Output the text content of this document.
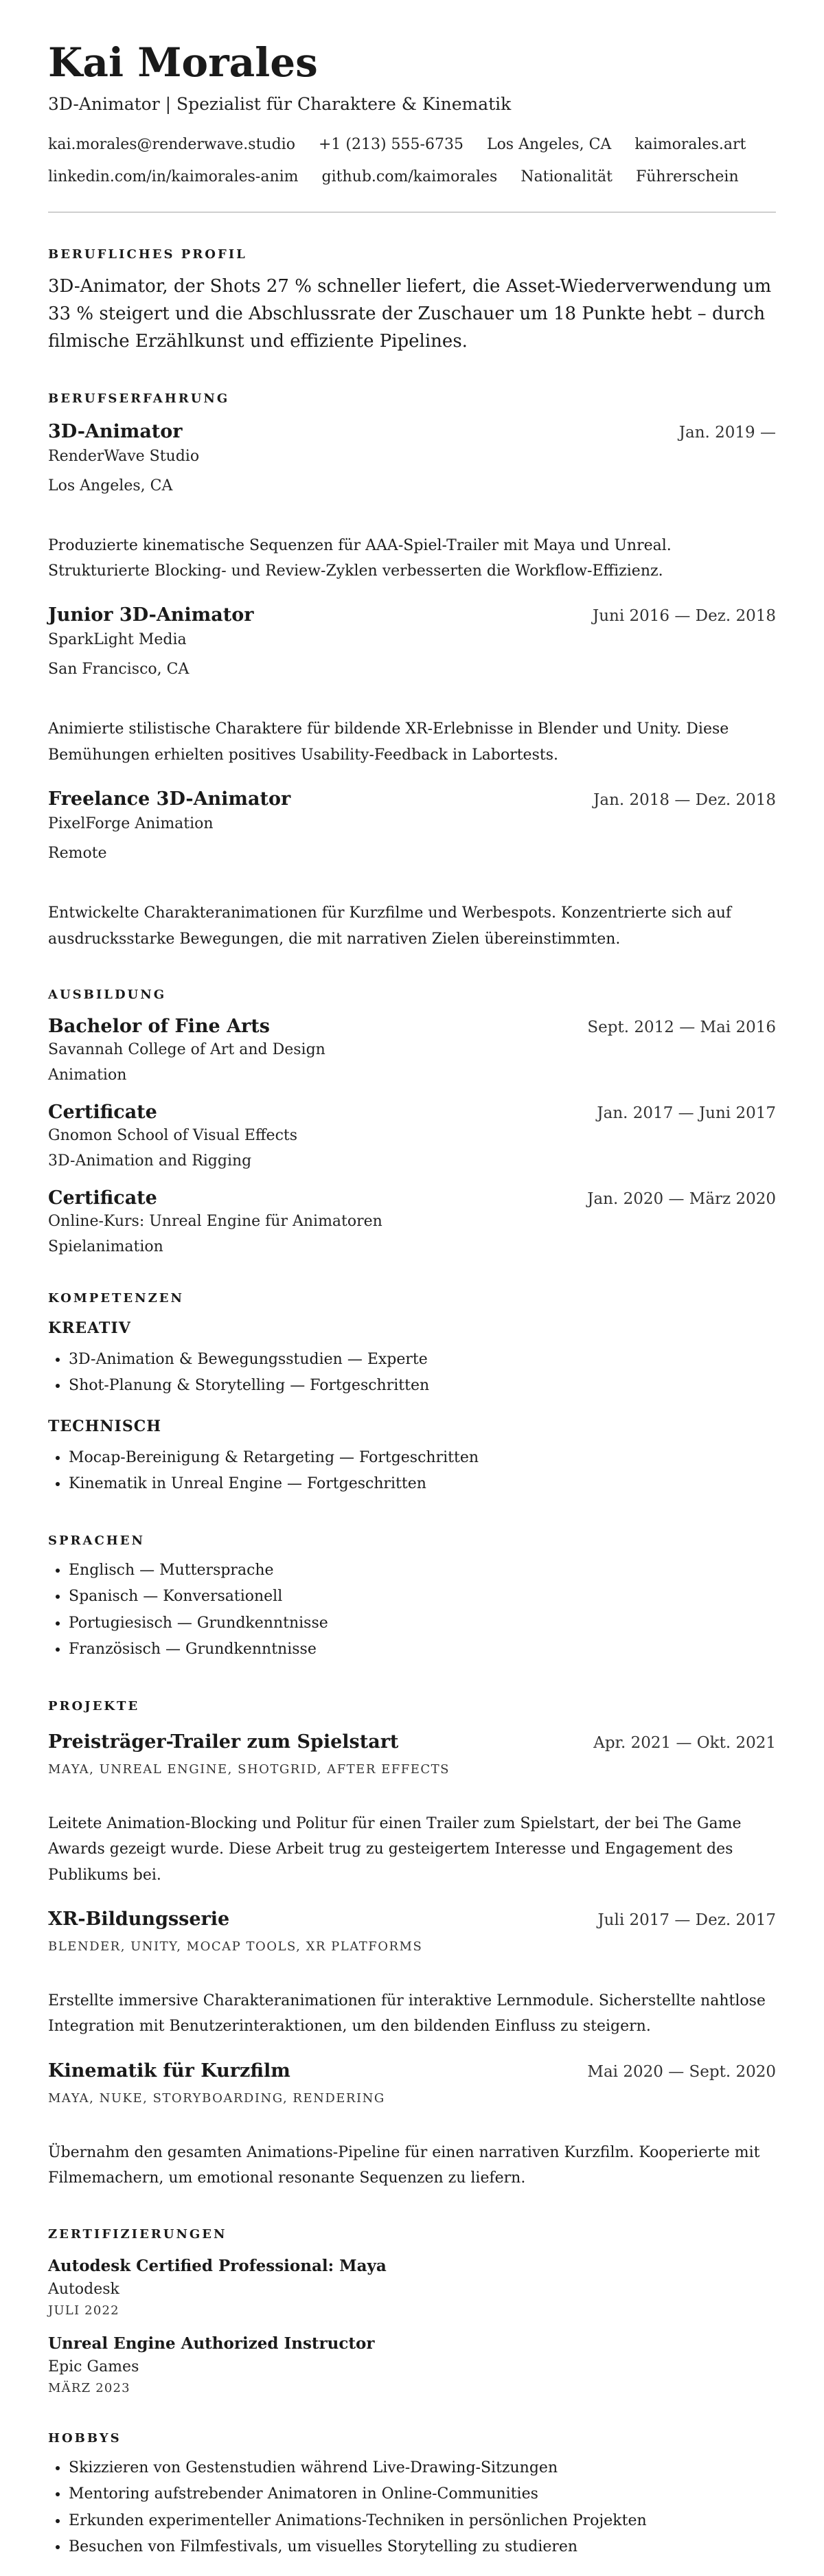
Kai Morales
3D-Animator | Spezialist für Charaktere & Kinematik
kai.morales@renderwave.studio +1 (213) 555-6735 Los Angeles, CA kaimorales.art
linkedin.com/in/kaimorales-anim github.com/kaimorales Nationalität Führerschein
BERUFLICHES PROFIL
3D-Animator, der Shots 27 % schneller liefert, die Asset-Wiederverwendung um 33 % steigert und die Abschlussrate der Zuschauer um 18 Punkte hebt – durch filmische Erzählkunst und effiziente Pipelines.
BERUFSERFAHRUNG
3D-Animator	Jan. 2019 —
RenderWave Studio
Los Angeles, CA
Produzierte kinematische Sequenzen für AAA-Spiel-Trailer mit Maya und Unreal. Strukturierte Blocking- und Review-Zyklen verbesserten die Workflow-Effizienz.
Junior 3D-Animator	Juni 2016 — Dez. 2018
SparkLight Media
San Francisco, CA
Animierte stilistische Charaktere für bildende XR-Erlebnisse in Blender und Unity. Diese Bemühungen erhielten positives Usability-Feedback in Labortests.
Freelance 3D-Animator	Jan. 2018 — Dez. 2018
PixelForge Animation
Remote
Entwickelte Charakteranimationen für Kurzfilme und Werbespots. Konzentrierte sich auf ausdrucksstarke Bewegungen, die mit narrativen Zielen übereinstimmten.
AUSBILDUNG
Bachelor of Fine Arts	Sept. 2012 — Mai 2016
Savannah College of Art and Design
Animation
Certificate	Jan. 2017 — Juni 2017
Gnomon School of Visual Effects
3D-Animation and Rigging
Certificate	Jan. 2020 — März 2020
Online-Kurs: Unreal Engine für Animatoren
Spielanimation
KOMPETENZEN
KREATIV
• 3D-Animation & Bewegungsstudien — Experte
• Shot-Planung & Storytelling — Fortgeschritten
TECHNISCH
• Mocap-Bereinigung & Retargeting — Fortgeschritten
• Kinematik in Unreal Engine — Fortgeschritten
SPRACHEN
• Englisch — Muttersprache
• Spanisch — Konversationell
• Portugiesisch — Grundkenntnisse
• Französisch — Grundkenntnisse
PROJEKTE
Preisträger-Trailer zum Spielstart	Apr. 2021 — Okt. 2021
MAYA, UNREAL ENGINE, SHOTGRID, AFTER EFFECTS
Leitete Animation-Blocking und Politur für einen Trailer zum Spielstart, der bei The Game Awards gezeigt wurde. Diese Arbeit trug zu gesteigertem Interesse und Engagement des Publikums bei.
XR-Bildungsserie	Juli 2017 — Dez. 2017
BLENDER, UNITY, MOCAP TOOLS, XR PLATFORMS
Erstellte immersive Charakteranimationen für interaktive Lernmodule. Sicherstellte nahtlose Integration mit Benutzerinteraktionen, um den bildenden Einfluss zu steigern.
Kinematik für Kurzfilm	Mai 2020 — Sept. 2020
MAYA, NUKE, STORYBOARDING, RENDERING
Übernahm den gesamten Animations-Pipeline für einen narrativen Kurzfilm. Kooperierte mit Filmemachern, um emotional resonante Sequenzen zu liefern.
ZERTIFIZIERUNGEN
Autodesk Certified Professional: Maya
Autodesk
JULI 2022
Unreal Engine Authorized Instructor
Epic Games
MÄRZ 2023
HOBBYS
• Skizzieren von Gestenstudien während Live-Drawing-Sitzungen
• Mentoring aufstrebender Animatoren in Online-Communities
• Erkunden experimenteller Animations-Techniken in persönlichen Projekten
• Besuchen von Filmfestivals, um visuelles Storytelling zu studieren
